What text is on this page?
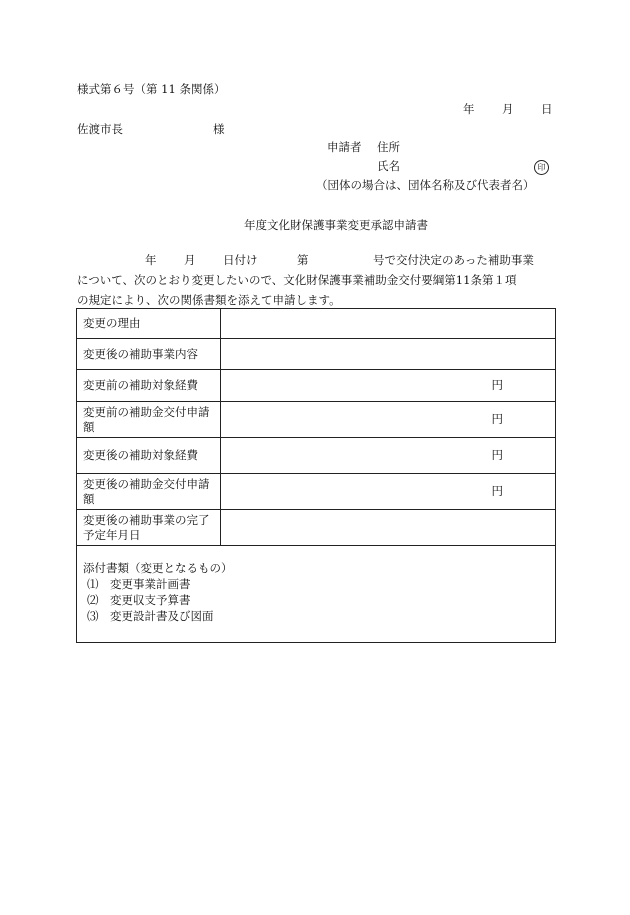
様式第６号（第 11 条関係）
年 月 日
佐渡市長	様
申請者 住所
氏名	印
（団体の場合は、団体名称及び代表者名）
年度文化財保護事業変更承認申請書
年 月 日付け	第	号で交付決定のあった補助事業

について、次のとおり変更したいので、文化財保護事業補助金交付要綱第11条第１項

の規定により、次の関係書類を添えて申請します。

変更の理由	
変更後の補助事業内容	
変更前の補助対象経費	円
変更前の補助金交付申請額	円
変更後の補助対象経費	円
変更後の補助金交付申請額	円
変更後の補助事業の完了予定年月日	

添付書類（変更となるもの）
⑴　変更事業計画書
⑵　変更収支予算書
⑶　変更設計書及び図面	
